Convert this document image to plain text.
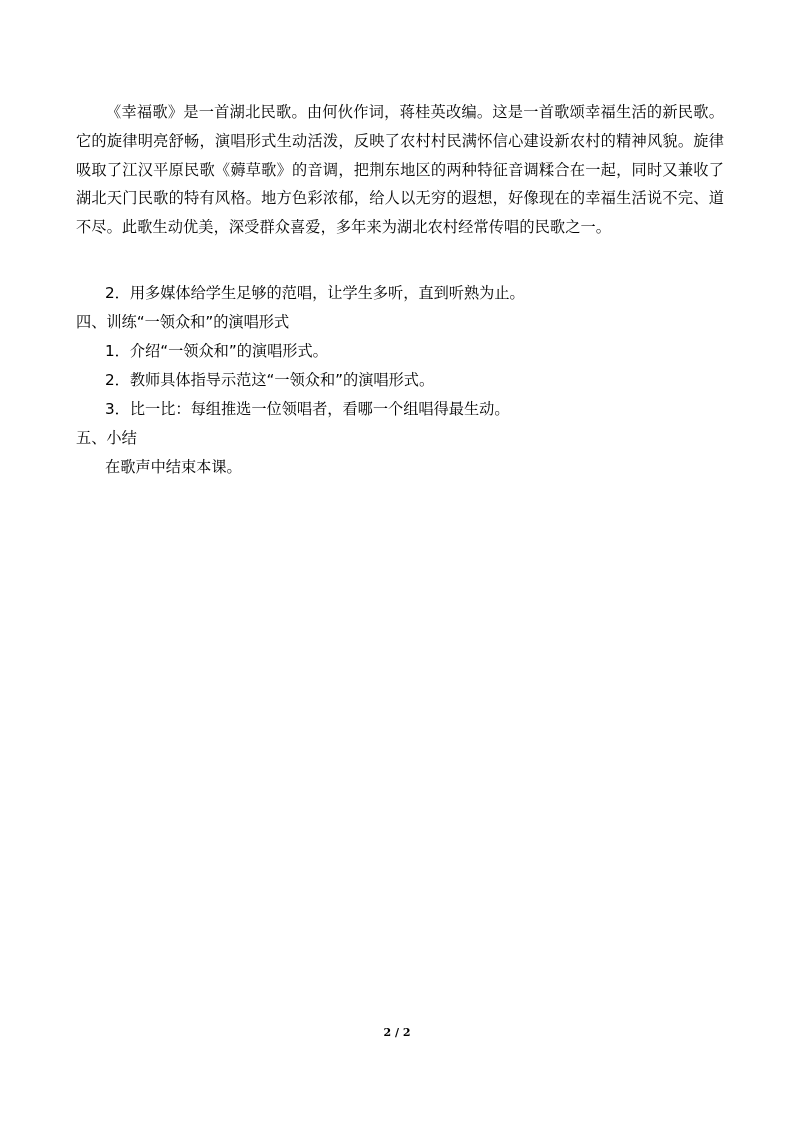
《幸福歌》是一首湖北民歌。由何伙作词，蒋桂英改编。这是一首歌颂幸福生活的新民歌。它的旋律明亮舒畅，演唱形式生动活泼，反映了农村村民满怀信心建设新农村的精神风貌。旋律吸取了江汉平原民歌《薅草歌》的音调，把荆东地区的两种特征音调糅合在一起，同时又兼收了湖北天门民歌的特有风格。地方色彩浓郁，给人以无穷的遐想，好像现在的幸福生活说不完、道不尽。此歌生动优美，深受群众喜爱，多年来为湖北农村经常传唱的民歌之一。

2．用多媒体给学生足够的范唱，让学生多听，直到听熟为止。
四、训练“一领众和”的演唱形式
1．介绍“一领众和”的演唱形式。
2．教师具体指导示范这“一领众和”的演唱形式。
3．比一比：每组推选一位领唱者，看哪一个组唱得最生动。
五、小结
在歌声中结束本课。
2 / 2
